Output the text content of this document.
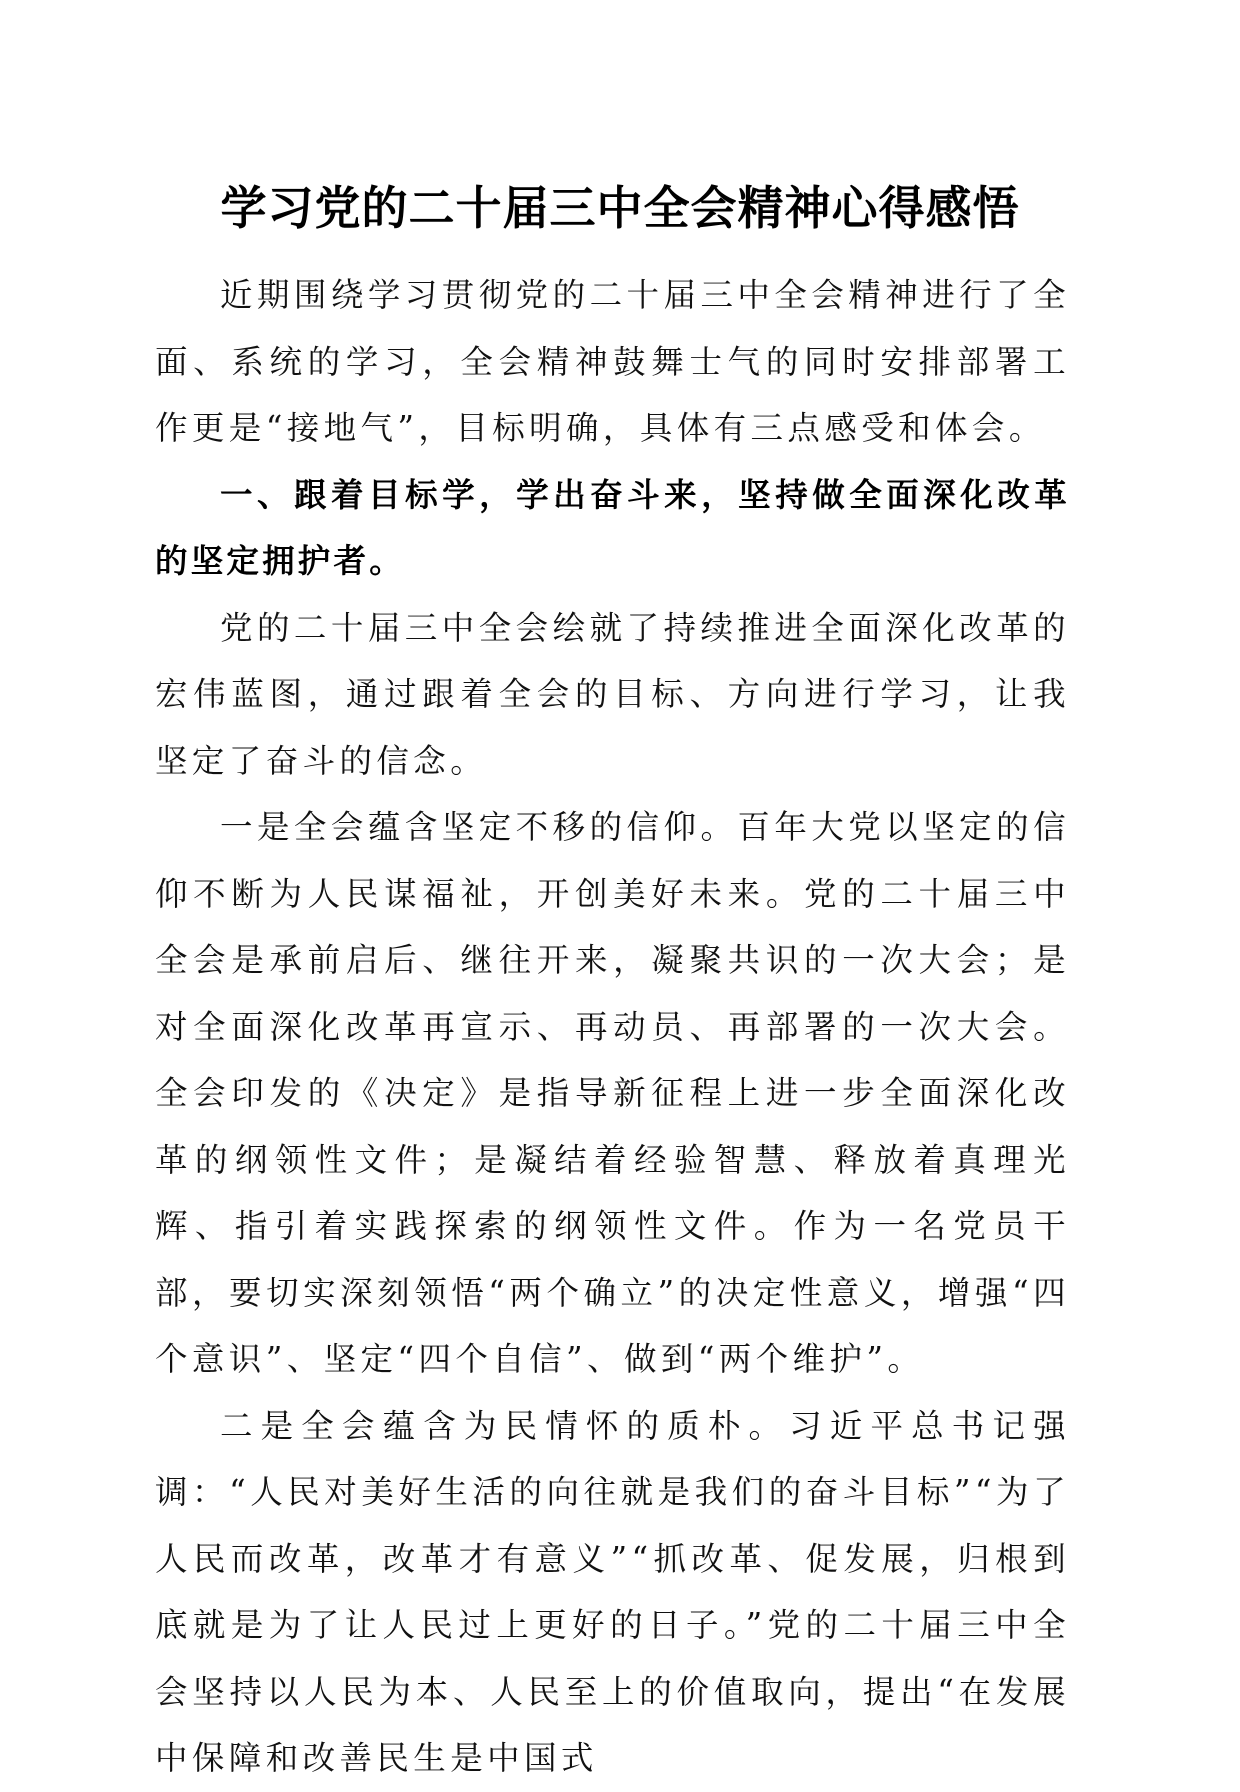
学习党的二十届三中全会精神心得感悟

近期围绕学习贯彻党的二十届三中全会精神进行了全面、系统的学习，全会精神鼓舞士气的同时安排部署工作更是“接地气”，目标明确，具体有三点感受和体会。

一、跟着目标学，学出奋斗来，坚持做全面深化改革的坚定拥护者。

党的二十届三中全会绘就了持续推进全面深化改革的宏伟蓝图，通过跟着全会的目标、方向进行学习，让我坚定了奋斗的信念。

一是全会蕴含坚定不移的信仰。百年大党以坚定的信仰不断为人民谋福祉，开创美好未来。党的二十届三中全会是承前启后、继往开来，凝聚共识的一次大会；是对全面深化改革再宣示、再动员、再部署的一次大会。全会印发的《决定》是指导新征程上进一步全面深化改革的纲领性文件；是凝结着经验智慧、释放着真理光辉、指引着实践探索的纲领性文件。作为一名党员干部，要切实深刻领悟“两个确立”的决定性意义，增强“四个意识”、坚定“四个自信”、做到“两个维护”。

二是全会蕴含为民情怀的质朴。习近平总书记强调：“人民对美好生活的向往就是我们的奋斗目标”“为了人民而改革，改革才有意义”“抓改革、促发展，归根到底就是为了让人民过上更好的日子。”党的二十届三中全会坚持以人民为本、人民至上的价值取向，提出“在发展中保障和改善民生是中国式
